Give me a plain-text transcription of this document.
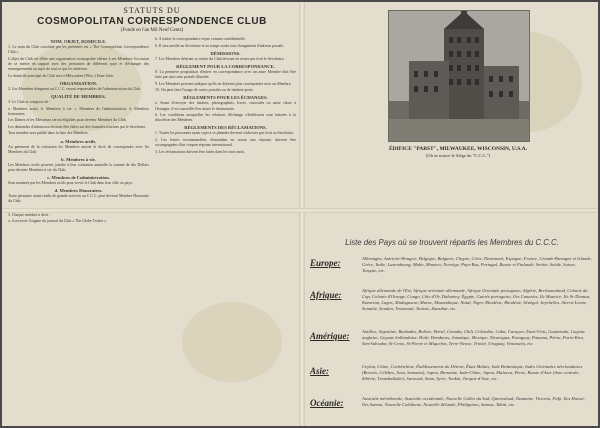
STATUTS DU
COSMOPOLITAN CORRESPONDENCE CLUB
(Fondé en l'an Mil Neuf Cents)
NOM, OBJET, DOMICILE.

1. Le nom du Club constitué par les présentes est « The Cosmopolitan Correspondence Club ».

L'objet du Club est d'être une organisation cosmopolite offrant à ses Membres l'occasion de se mettre en rapport avec des personnes de différents pays et d'échanger des renseignements au sujet de tout ce qui les intéresse.

Le domicile principal du Club sera à Milwaukee (Wisc.) Etats-Unis.

ORGANISATION.

2. Les Membres désignent au C.C.C. seront responsables de l'administration du Club.

QUALITÉ DE MEMBRES.

3. Le Club se compose de :

a. Membres actifs. b. Membres à vie. c. Membres de l'administration. d. Membres honoraires.

Les Dames et les Messieurs seront éligibles pour devenir Membres du Club.

Les demandes d'admission devront être faites sur des formules fournies par le Secrétaire.

Tout membre sera publié dans la liste des Membres.

a. Membres actifs.

Au paiement de la cotisation les Membres auront le droit de correspondre avec les Membres du Club.

b. Membres à vie.

Les Membres actifs peuvent joindre à leur cotisation annuelle la somme de dix Dollars pour devenir Membres à vie du Club.

c. Membres de l'administration.

Sont nommés par les Membres actifs pour servir le Club dans leur ville ou pays.

d. Membres Honoraires.

Toute personne ayant rendu de grands services au C.C.C. peut devenir Membre Honoraire du Club.

5. Chaque membre a droit :

a. A recevoir l'organe du journal du Club « The Globe Trotter ».

b. A traiter la correspondance reçue comme confidentielle.

6. Il sera notifié au Secrétaire et au temps voulu tout changement d'adresse postale.

DÉMISSIONS.

7. Les Membres désirant se retirer du Club devront en aviser par écrit le Secrétaire.

RÈGLEMENT POUR LA CORRESPONDANCE.

8. La première proposition d'entrer en correspondance avec un autre Membre doit être faite par une carte postale illustrée.

9. Les Membres peuvent indiquer qu'ils ne désirent plus correspondre avec un Membre.

10. On peut faire l'usage de cartes postales ou de timbres-poste.

RÈGLEMENTS POUR LES ÉCHANGES.

a. Avant d'envoyer des timbres, photographies, livres, curiosités ou autre chose à l'étranger, il est conseillé d'en aviser le destinataire.

b. Les conditions auxquelles les relations d'échange s'établissent sont laissées à la discrétion des Membres.

RÈGLEMENTS DES RÉCLAMATIONS.

1. Toutes les personnes ayant sujet à se plaindre devront s'adresser par écrit au Secrétaire.

2. Les lettres recommandées, demandant en retour une réponse, doivent être accompagnées d'un coupon-réponse international.

3. Les réclamations doivent être faites dans les trois mois.	ÉDIFICE "PABST", MILWAUKEE, WISCONSIN, U.S.A.
(Où se trouve le Siège du "C.C.C.")
Liste des Pays où se trouvent répartis les Membres du C.C.C.
Europe:	Allemagne, Autriche-Hongrie, Belgique, Bulgarie, Chypre, Crète, Danemark, Espagne, France, Grande-Bretagne et Irlande, Grèce, Italie, Luxembourg, Malte, Monaco, Norvège, Pays-Bas, Portugal, Russie et Finlande, Serbie, Suède, Suisse, Turquie, etc.
Afrique:	Afrique allemande de l'Est, Afrique orientale allemande, Afrique Orientale portugaise, Algérie, Bechuanaland, Colonie du Cap, Colonie d'Orange, Congo, Côte d'Or, Dahomey, Égypte, Guinée portugaise, Iles Canaries, Ile Maurice, Ile St-Thomas, Kamerun, Lagos, Madagascar, Maroc, Mozambique, Natal, Niger, Rhodésie, Rhodésie, Sénégal, Seychelles, Sierra-Leone, Somalie, Soudan, Transvaal, Tunisie, Zanzibar, etc.
Amérique:	Antilles, Argentine, Barbades, Bolivie, Brésil, Canada, Chili, Colombie, Cuba, Curaçao, Etats-Unis, Guatemala, Guyane anglaise, Guyane hollandaise, Haïti, Honduras, Jamaïque, Mexique, Nicaragua, Paraguay, Panama, Pérou, Porto-Rico, San-Salvador, St-Croix, St-Pierre et Miquelon, Terre-Neuve, Trinité, Uruguay, Venezuela, etc.
Asie:	Ceylan, Chine, Cochinchine, Établissements du Détroit, États Malais, Inde Britannique, Indes Orientales néerlandaises (Bornéo, Célèbes, Java, Sumatra), Japon, Birmanie, Indo-Chine, Japon, Malacca, Perse, Russie d'Asie (Asie centrale, Sibérie, Transbaïkalie), Sarawak, Siam, Syrie, Tonkin, Turquie d'Asie, etc.
Océanie:	Australie méridionale, Australie occidentale, Nouvelle Galles du Sud, Queensland, Tasmanie, Victoria, Fidji, Iles Hawaï, Iles Samoa, Nouvelle Calédonie, Nouvelle Zélande, Philippines, Samoa, Tahiti, etc.
